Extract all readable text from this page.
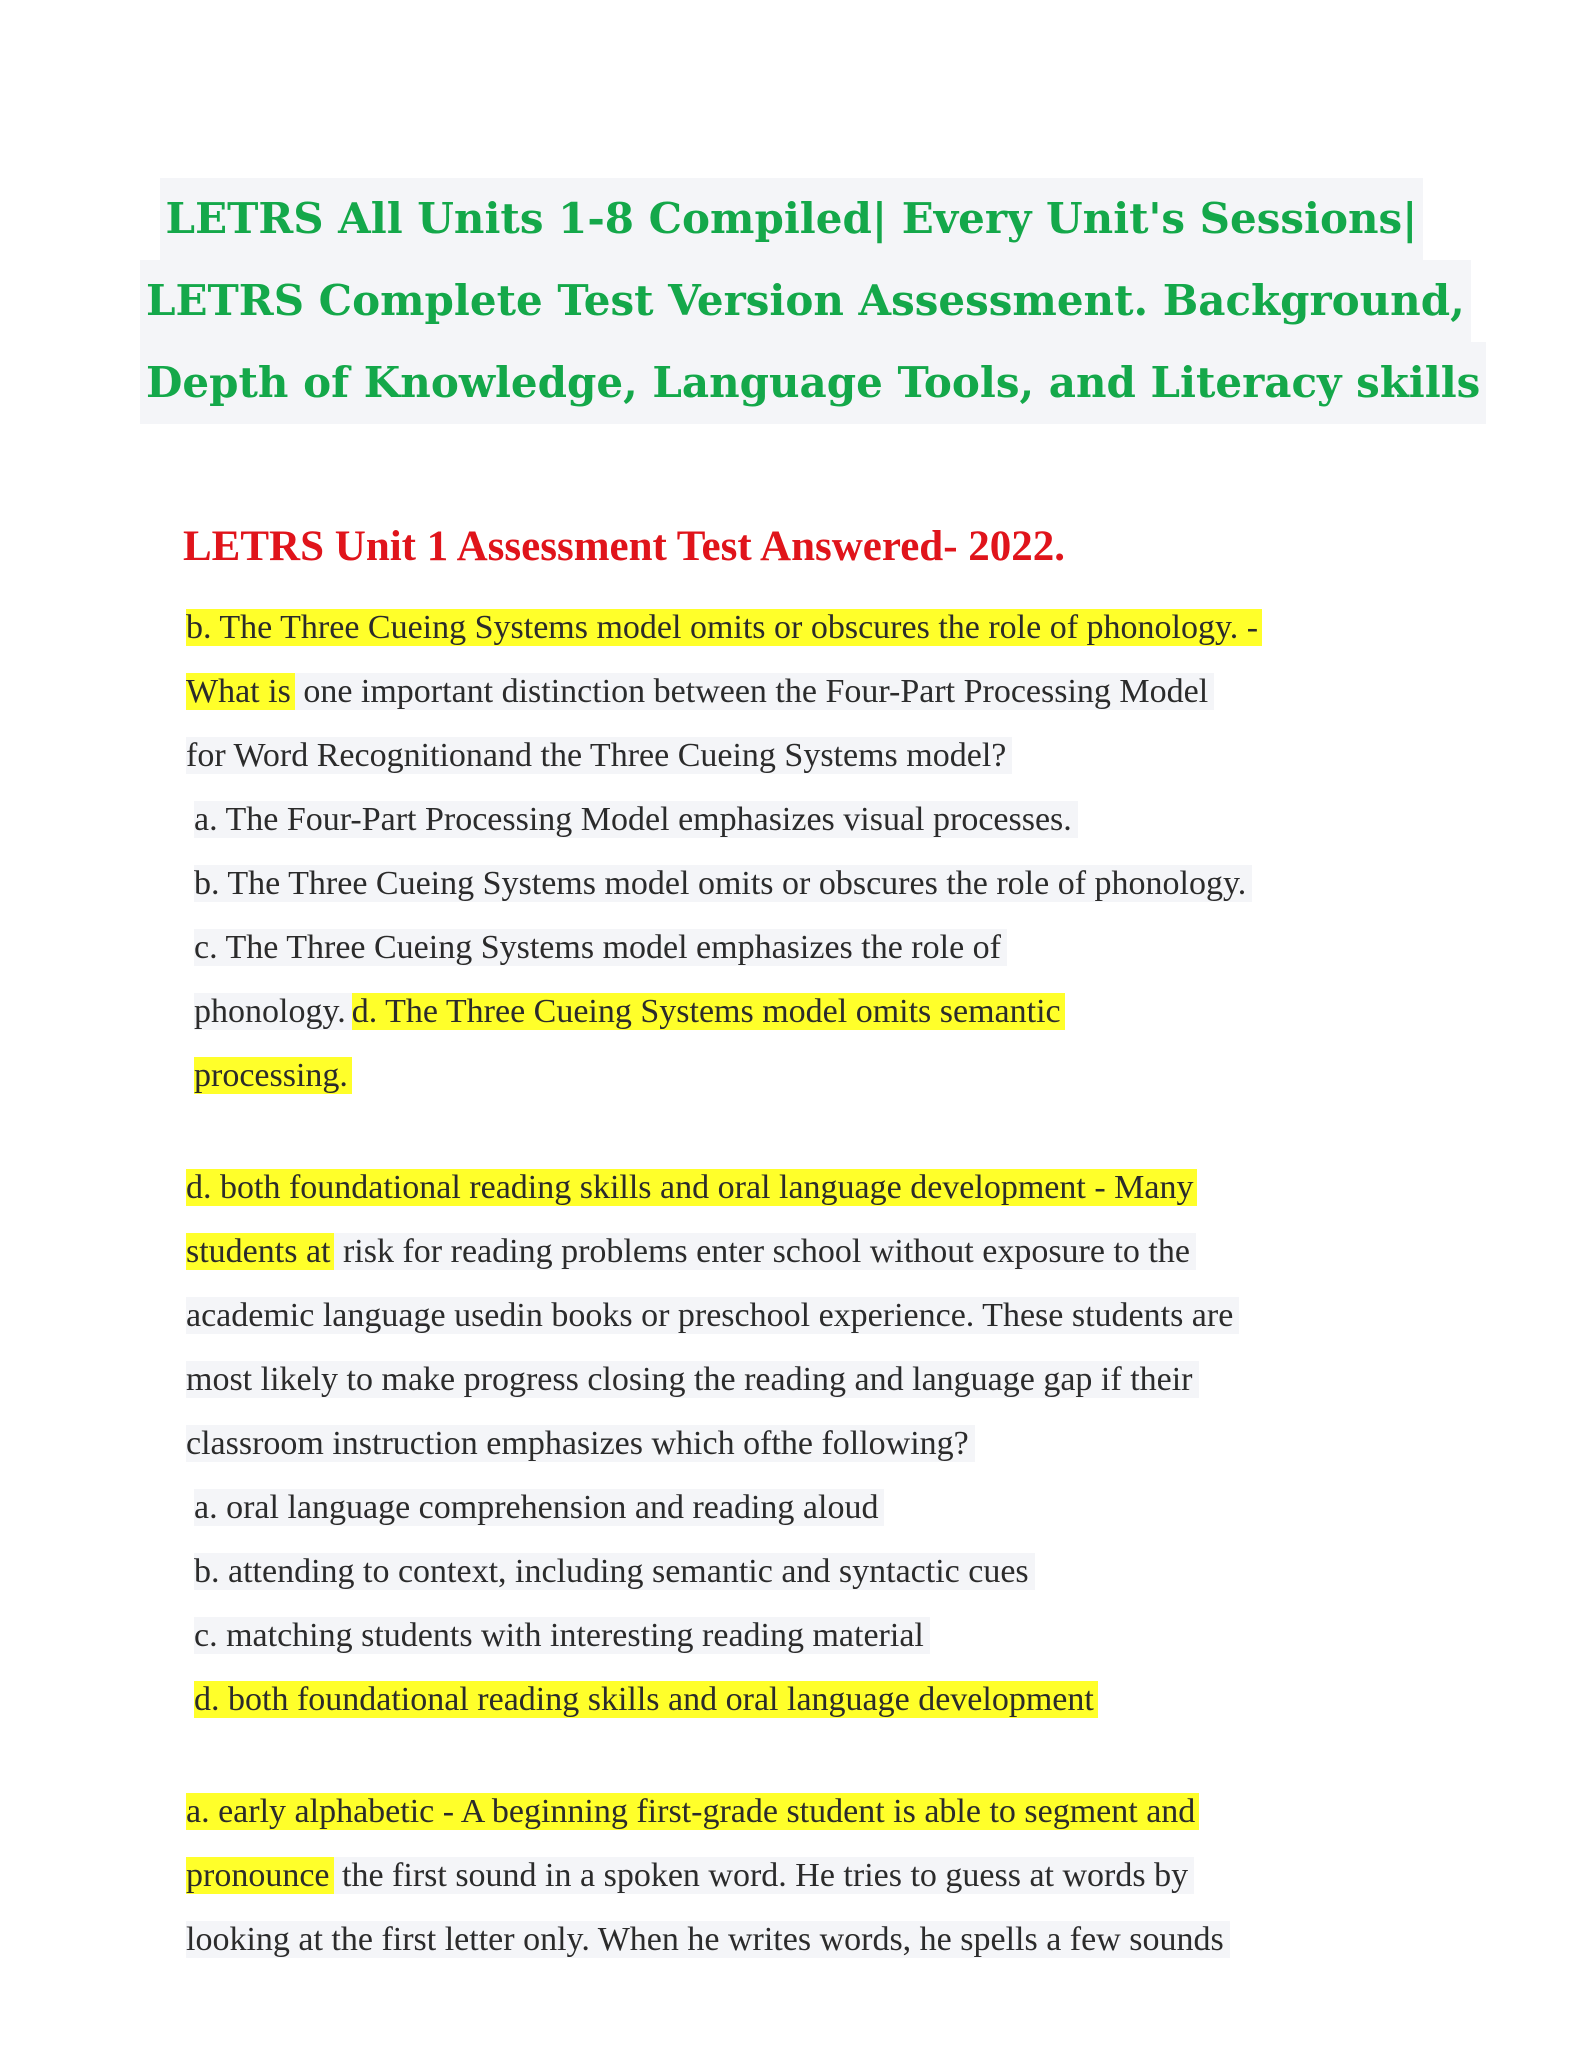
LETRS All Units 1-8 Compiled| Every Unit's Sessions|
LETRS Complete Test Version Assessment. Background,
Depth of Knowledge, Language Tools, and Literacy skills
LETRS Unit 1 Assessment Test Answered- 2022.
b. The Three Cueing Systems model omits or obscures the role of phonology. -
What is one important distinction between the Four-Part Processing Model
for Word Recognitionand the Three Cueing Systems model?
a. The Four-Part Processing Model emphasizes visual processes.
b. The Three Cueing Systems model omits or obscures the role of phonology.
c. The Three Cueing Systems model emphasizes the role of
phonology. d. The Three Cueing Systems model omits semantic
processing.
d. both foundational reading skills and oral language development - Many
students at risk for reading problems enter school without exposure to the
academic language usedin books or preschool experience. These students are
most likely to make progress closing the reading and language gap if their
classroom instruction emphasizes which ofthe following?
a. oral language comprehension and reading aloud
b. attending to context, including semantic and syntactic cues
c. matching students with interesting reading material
d. both foundational reading skills and oral language development
a. early alphabetic - A beginning first-grade student is able to segment and
pronounce the first sound in a spoken word. He tries to guess at words by
looking at the first letter only. When he writes words, he spells a few sounds
